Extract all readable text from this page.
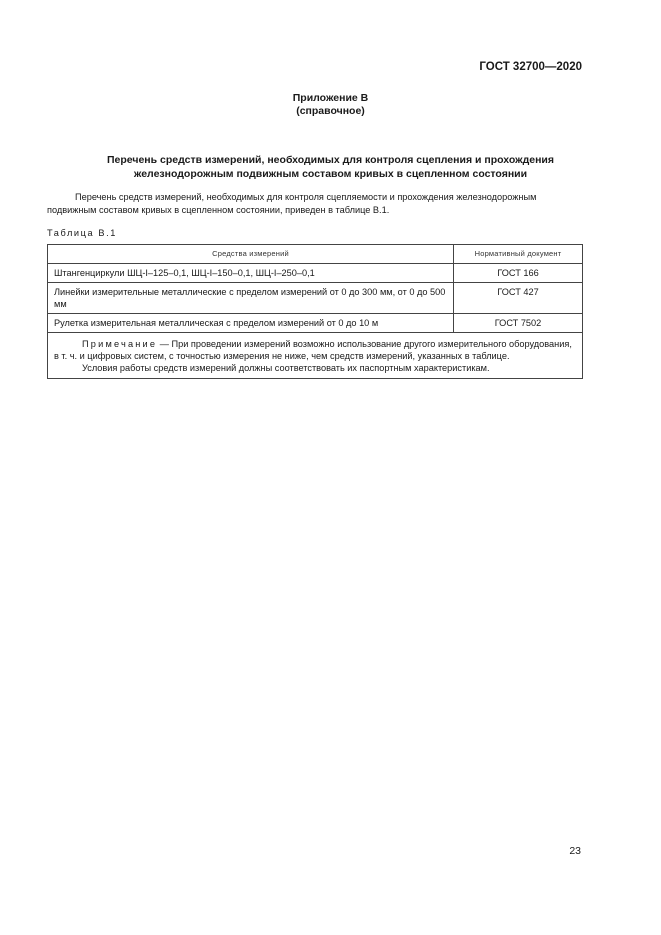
ГОСТ 32700—2020
Приложение В
(справочное)
Перечень средств измерений, необходимых для контроля сцепления и прохождения
железнодорожным подвижным составом кривых в сцепленном состоянии
Перечень средств измерений, необходимых для контроля сцепляемости и прохождения железнодорожным подвижным составом кривых в сцепленном состоянии, приведен в таблице В.1.
Таблица В.1
Средства измерений	Нормативный документ
Штангенциркули ШЦ-I–125–0,1, ШЦ-I–150–0,1, ШЦ-I–250–0,1	ГОСТ 166
Линейки измерительные металлические с пределом измерений от 0 до 300 мм, от 0 до 500 мм	ГОСТ 427
Рулетка измерительная металлическая с пределом измерений от 0 до 10 м	ГОСТ 7502

Примечание — При проведении измерений возможно использование другого измерительного оборудования, в т. ч. и цифровых систем, с точностью измерения не ниже, чем средств измерений, указанных в таблице.

Условия работы средств измерений должны соответствовать их паспортным характеристикам.	

23
